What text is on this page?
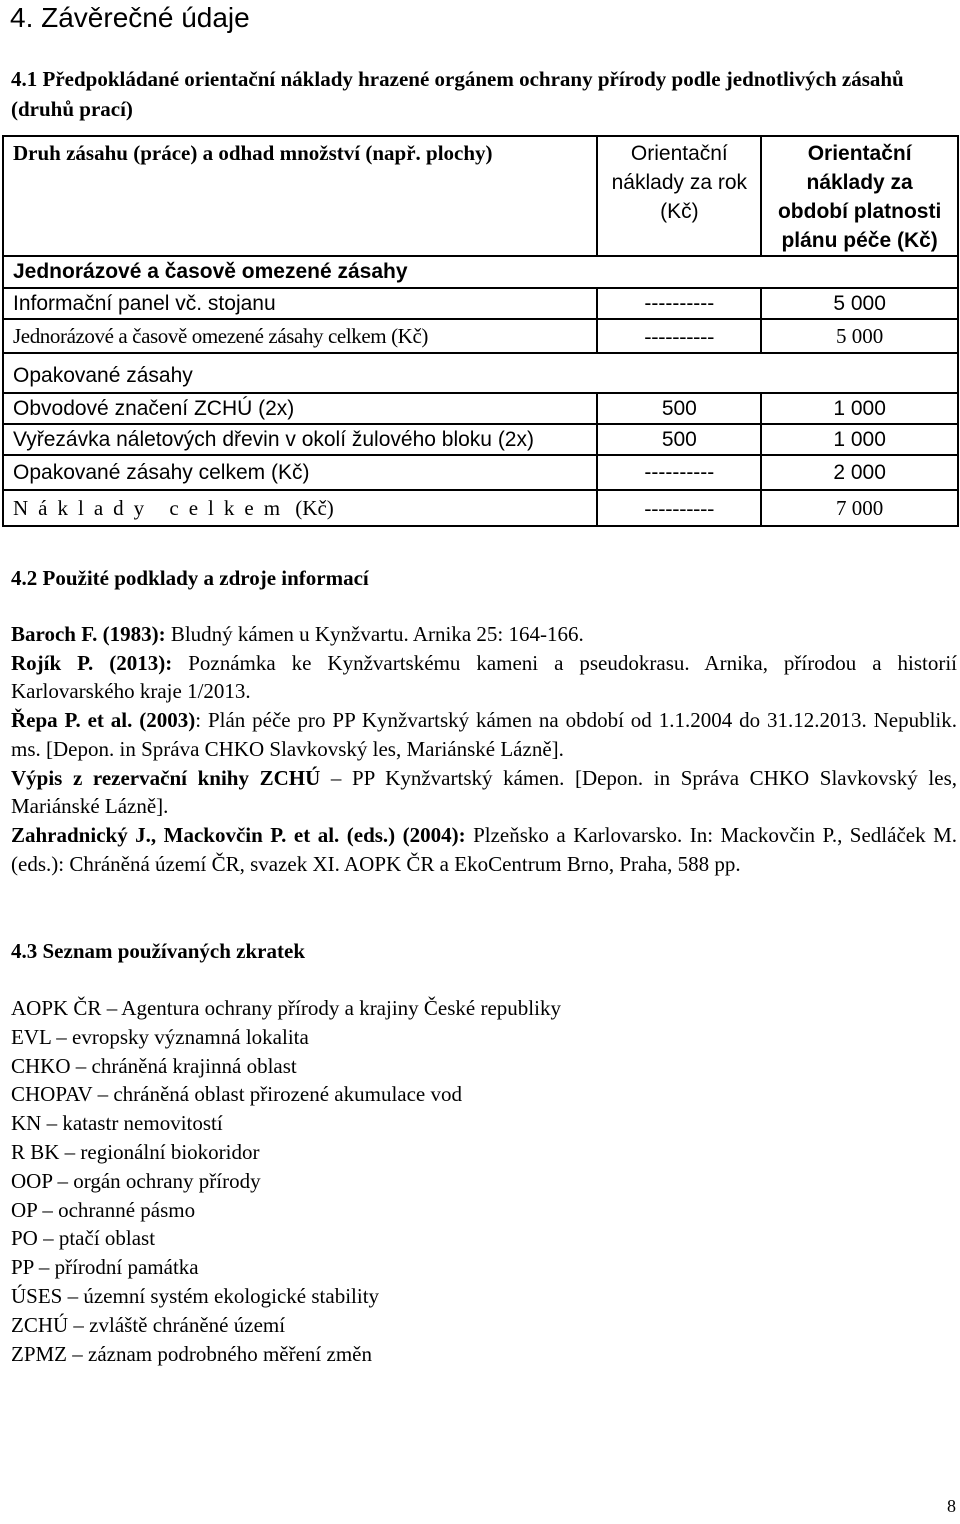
4. Závěrečné údaje
4.1 Předpokládané orientační náklady hrazené orgánem ochrany přírody podle jednotlivých zásahů (druhů prací)
Druh zásahu (práce) a odhad množství (např. plochy)	Orientační náklady za rok (Kč)	Orientační náklady za období platnosti plánu péče (Kč)
Jednorázové a časově omezené zásahy		
Informační panel vč. stojanu	----------	5 000
Jednorázové a časově omezené zásahy celkem (Kč)	----------	5 000
Opakované zásahy		
Obvodové značení ZCHÚ (2x)	500	1 000
Vyřezávka náletových dřevin v okolí žulového bloku (2x)	500	1 000
Opakované zásahy celkem (Kč)	----------	2 000
Náklady celkem (Kč)	----------	7 000
4.2 Použité podklady a zdroje informací

Baroch F. (1983): Bludný kámen u Kynžvartu. Arnika 25: 164-166.

Rojík P. (2013): Poznámka ke Kynžvartskému kameni a pseudokrasu. Arnika, přírodou a historií Karlovarského kraje 1/2013.

Řepa P. et al. (2003): Plán péče pro PP Kynžvartský kámen na období od 1.1.2004 do 31.12.2013. Nepublik. ms. [Depon. in Správa CHKO Slavkovský les, Mariánské Lázně].

Výpis z rezervační knihy ZCHÚ – PP Kynžvartský kámen. [Depon. in Správa CHKO Slavkovský les, Mariánské Lázně].

Zahradnický J., Mackovčin P. et al. (eds.) (2004): Plzeňsko a Karlovarsko. In: Mackovčin P., Sedláček M. (eds.): Chráněná území ČR, svazek XI. AOPK ČR a EkoCentrum Brno, Praha, 588 pp.

4.3 Seznam používaných zkratek
AOPK ČR – Agentura ochrany přírody a krajiny České republiky
EVL – evropsky významná lokalita
CHKO – chráněná krajinná oblast
CHOPAV – chráněná oblast přirozené akumulace vod
KN – katastr nemovitostí
R BK – regionální biokoridor
OOP – orgán ochrany přírody
OP – ochranné pásmo
PO – ptačí oblast
PP – přírodní památka
ÚSES – územní systém ekologické stability
ZCHÚ – zvláště chráněné území
ZPMZ – záznam podrobného měření změn
8
